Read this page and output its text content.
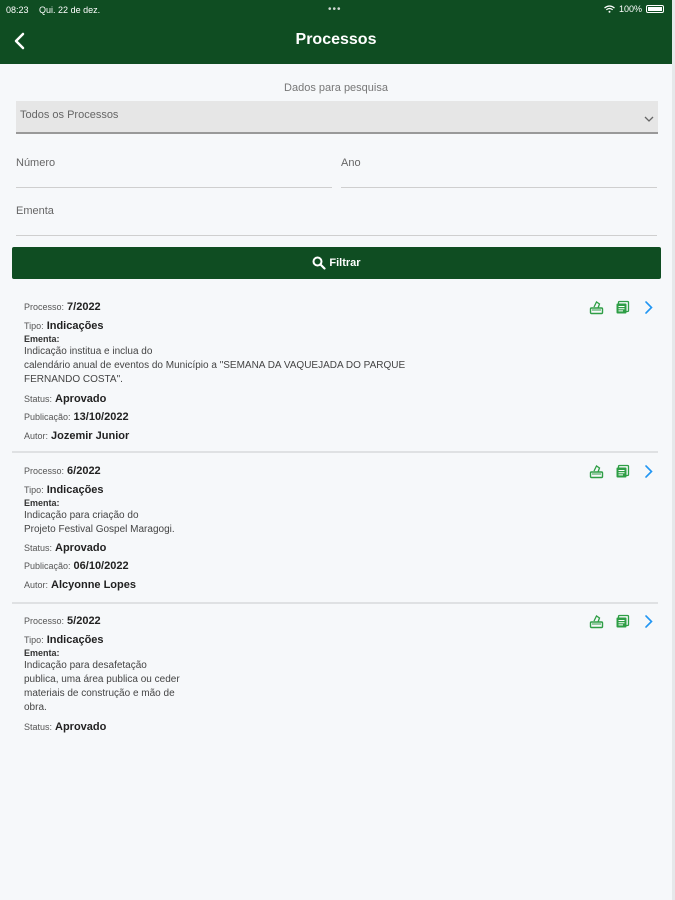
08:23 Qui. 22 de dez.	•••	100%
Processos
Dados para pesquisa
Todos os Processos
Número	Ano
Ementa
Filtrar
Processo: 7/2022
Tipo: Indicações
Ementa:
Indicação institua e inclua do
calendário anual de eventos do Município a "SEMANA DA VAQUEJADA DO PARQUE
FERNANDO COSTA".
Status: Aprovado
Publicação: 13/10/2022
Autor: Jozemir Junior
Processo: 6/2022
Tipo: Indicações
Ementa:
Indicação para criação do
Projeto Festival Gospel Maragogi.
Status: Aprovado
Publicação: 06/10/2022
Autor: Alcyonne Lopes
Processo: 5/2022
Tipo: Indicações
Ementa:
Indicação para desafetação
publica, uma área publica ou ceder
materiais de construção e mão de
obra.
Status: Aprovado
